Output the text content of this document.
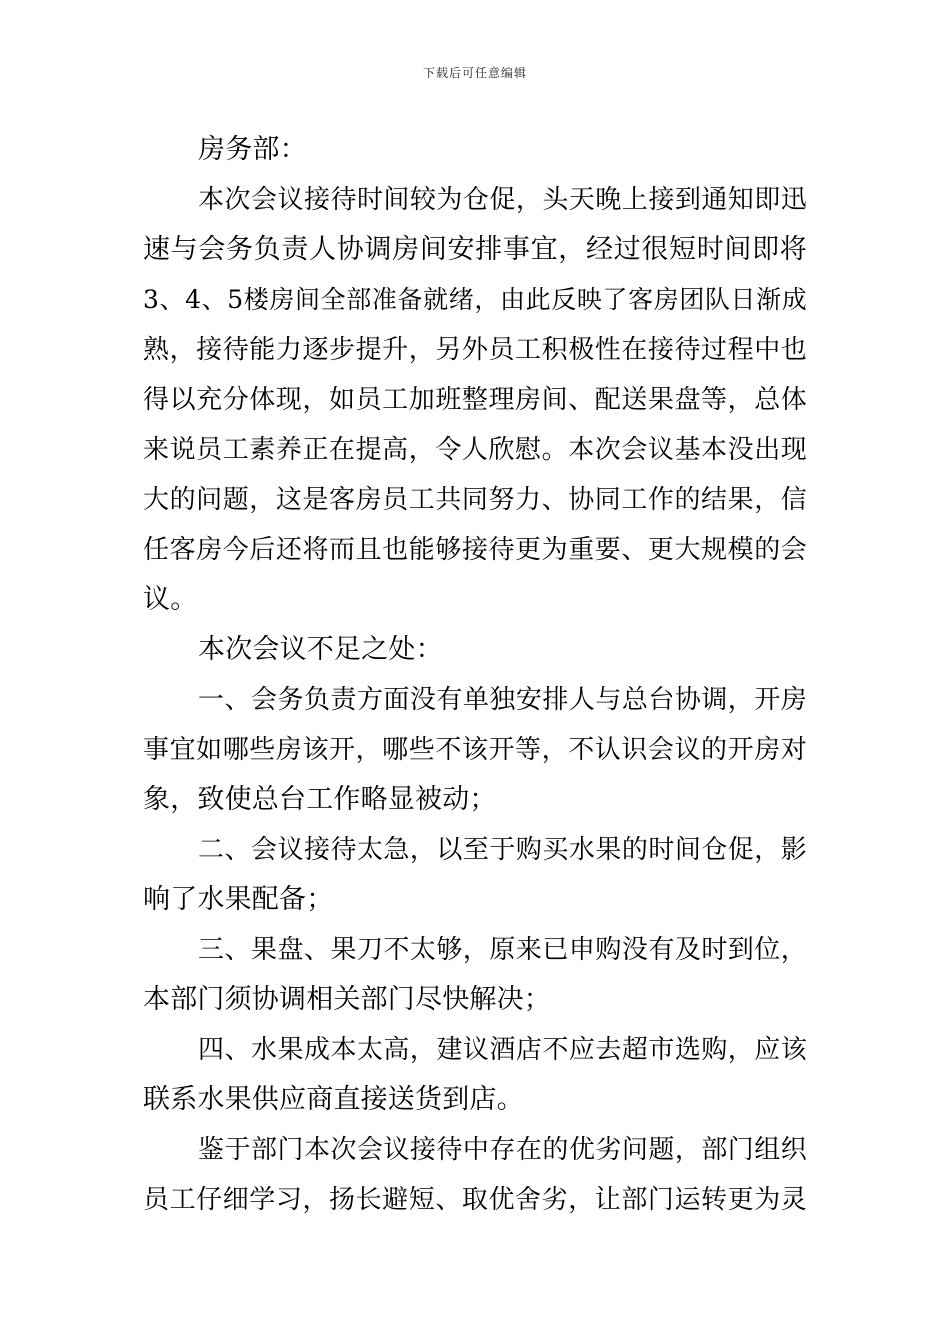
下载后可任意编辑
房务部：
本次会议接待时间较为仓促，头天晚上接到通知即迅
速与会务负责人协调房间安排事宜，经过很短时间即将
3、4、5楼房间全部准备就绪，由此反映了客房团队日渐成
熟，接待能力逐步提升，另外员工积极性在接待过程中也
得以充分体现，如员工加班整理房间、配送果盘等，总体
来说员工素养正在提高，令人欣慰。本次会议基本没出现
大的问题，这是客房员工共同努力、协同工作的结果，信
任客房今后还将而且也能够接待更为重要、更大规模的会
议。
本次会议不足之处：
一、会务负责方面没有单独安排人与总台协调，开房
事宜如哪些房该开，哪些不该开等，不认识会议的开房对
象，致使总台工作略显被动；
二、会议接待太急，以至于购买水果的时间仓促，影
响了水果配备；
三、果盘、果刀不太够，原来已申购没有及时到位，
本部门须协调相关部门尽快解决；
四、水果成本太高，建议酒店不应去超市选购，应该
联系水果供应商直接送货到店。
鉴于部门本次会议接待中存在的优劣问题，部门组织
员工仔细学习，扬长避短、取优舍劣，让部门运转更为灵
